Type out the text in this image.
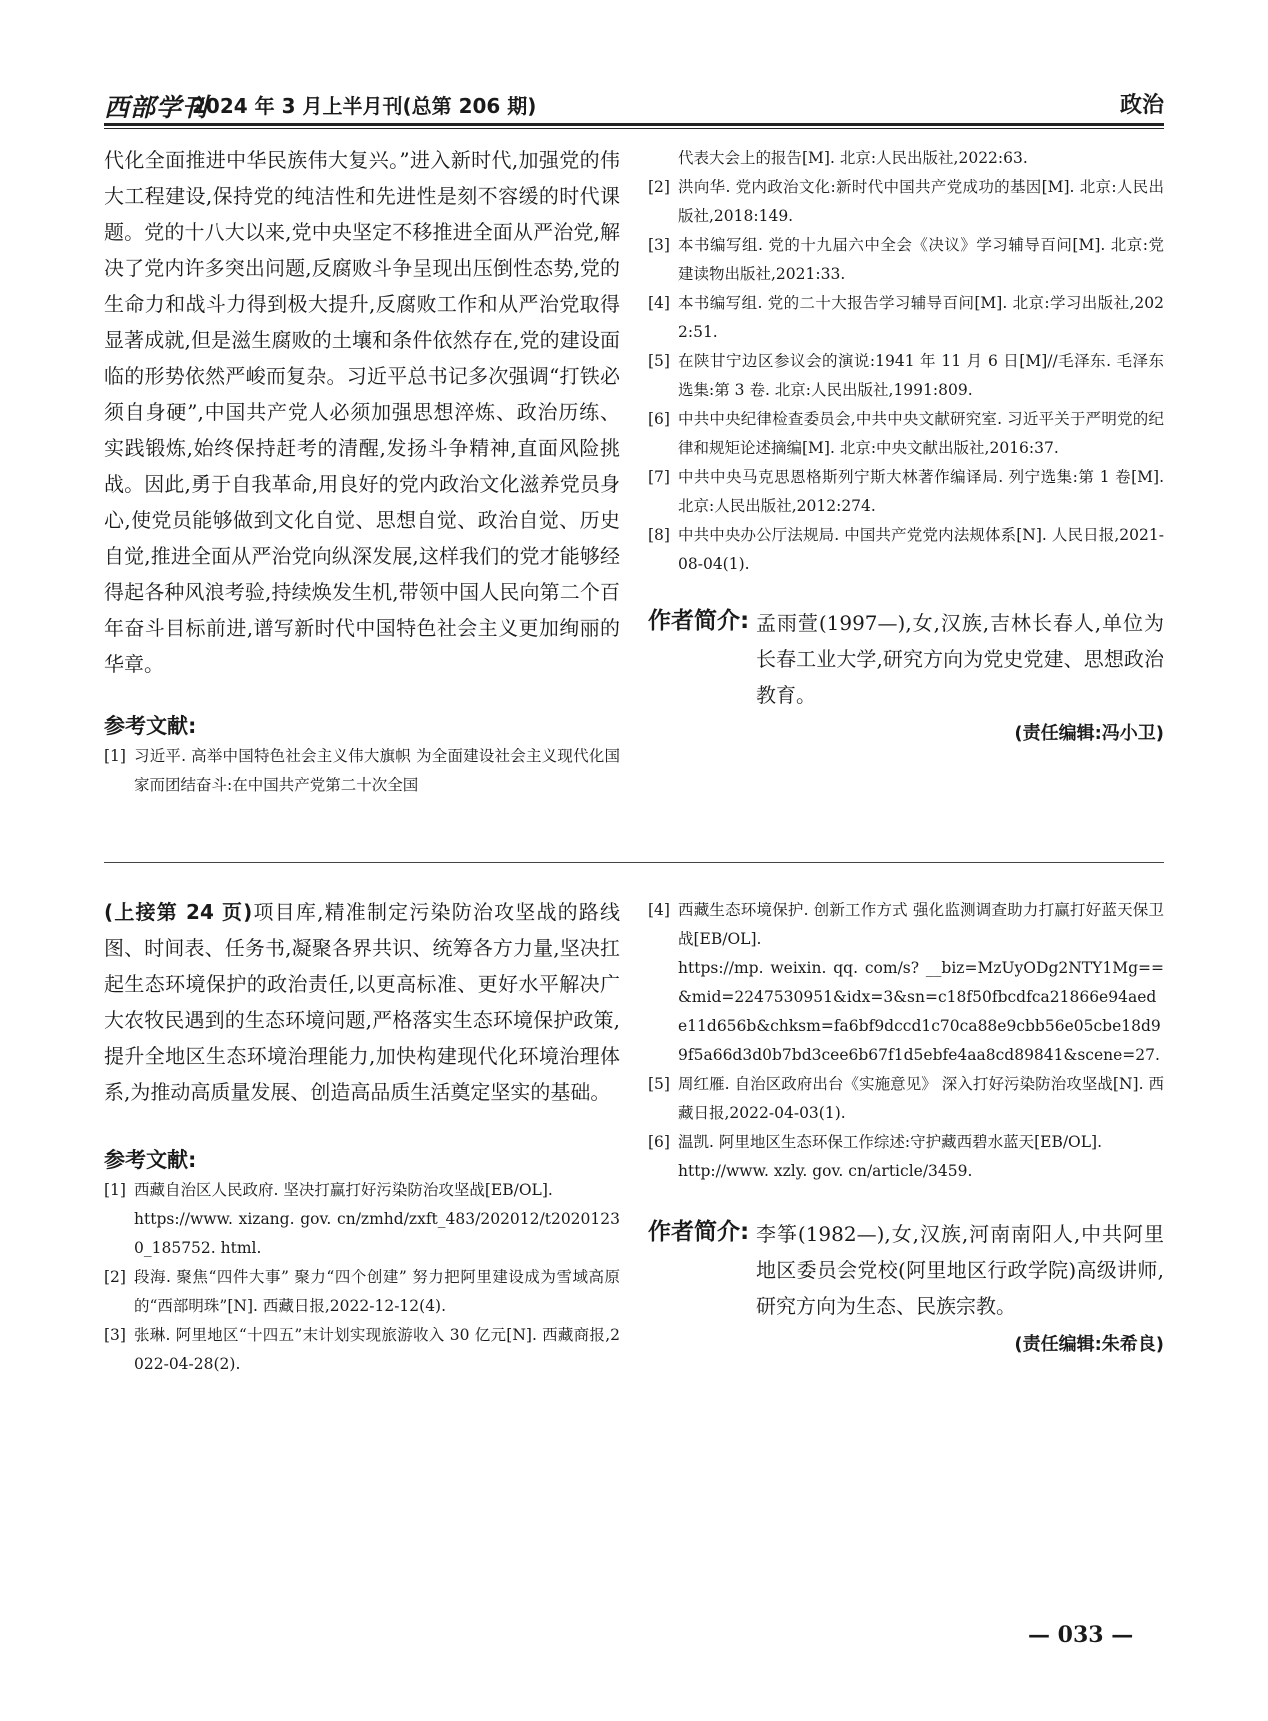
西部学刊
2024 年 3 月上半月刊(总第 206 期)	政治

代化全面推进中华民族伟大复兴。”进入新时代,加强党的伟大工程建设,保持党的纯洁性和先进性是刻不容缓的时代课题。党的十八大以来,党中央坚定不移推进全面从严治党,解决了党内许多突出问题,反腐败斗争呈现出压倒性态势,党的生命力和战斗力得到极大提升,反腐败工作和从严治党取得显著成就,但是滋生腐败的土壤和条件依然存在,党的建设面临的形势依然严峻而复杂。习近平总书记多次强调“打铁必须自身硬”,中国共产党人必须加强思想淬炼、政治历练、实践锻炼,始终保持赶考的清醒,发扬斗争精神,直面风险挑战。因此,勇于自我革命,用良好的党内政治文化滋养党员身心,使党员能够做到文化自觉、思想自觉、政治自觉、历史自觉,推进全面从严治党向纵深发展,这样我们的党才能够经得起各种风浪考验,持续焕发生机,带领中国人民向第二个百年奋斗目标前进,谱写新时代中国特色社会主义更加绚丽的华章。

参考文献:
[1] 习近平. 高举中国特色社会主义伟大旗帜 为全面建设社会主义现代化国家而团结奋斗:在中国共产党第二十次全国
代表大会上的报告[M]. 北京:人民出版社,2022:63.
[2] 洪向华. 党内政治文化:新时代中国共产党成功的基因[M]. 北京:人民出版社,2018:149.
[3] 本书编写组. 党的十九届六中全会《决议》学习辅导百问[M]. 北京:党建读物出版社,2021:33.
[4] 本书编写组. 党的二十大报告学习辅导百问[M]. 北京:学习出版社,2022:51.
[5] 在陕甘宁边区参议会的演说:1941 年 11 月 6 日[M]//毛泽东. 毛泽东选集:第 3 卷. 北京:人民出版社,1991:809.
[6] 中共中央纪律检查委员会,中共中央文献研究室. 习近平关于严明党的纪律和规矩论述摘编[M]. 北京:中央文献出版社,2016:37.
[7] 中共中央马克思恩格斯列宁斯大林著作编译局. 列宁选集:第 1 卷[M]. 北京:人民出版社,2012:274.
[8] 中共中央办公厅法规局. 中国共产党党内法规体系[N]. 人民日报,2021-08-04(1).
作者简介: 孟雨萱(1997—),女,汉族,吉林长春人,单位为长春工业大学,研究方向为党史党建、思想政治教育。
(责任编辑:冯小卫)

(上接第 24 页)项目库,精准制定污染防治攻坚战的路线图、时间表、任务书,凝聚各界共识、统筹各方力量,坚决扛起生态环境保护的政治责任,以更高标准、更好水平解决广大农牧民遇到的生态环境问题,严格落实生态环境保护政策,提升全地区生态环境治理能力,加快构建现代化环境治理体系,为推动高质量发展、创造高品质生活奠定坚实的基础。

参考文献:
[1] 西藏自治区人民政府. 坚决打赢打好污染防治攻坚战[EB/OL].
https://www. xizang. gov. cn/zmhd/zxft_483/202012/t20201230_185752. html.
[2] 段海. 聚焦“四件大事” 聚力“四个创建” 努力把阿里建设成为雪域高原的“西部明珠”[N]. 西藏日报,2022-12-12(4).
[3] 张琳. 阿里地区“十四五”末计划实现旅游收入 30 亿元[N]. 西藏商报,2022-04-28(2).
[4] 西藏生态环境保护. 创新工作方式 强化监测调查助力打赢打好蓝天保卫战[EB/OL].
https://mp. weixin. qq. com/s? __biz=MzUyODg2NTY1Mg==&mid=2247530951&idx=3&sn=c18f50fbcdfca21866e94aede11d656b&chksm=fa6bf9dccd1c70ca88e9cbb56e05cbe18d99f5a66d3d0b7bd3cee6b67f1d5ebfe4aa8cd89841&scene=27.
[5] 周红雁. 自治区政府出台《实施意见》 深入打好污染防治攻坚战[N]. 西藏日报,2022-04-03(1).
[6] 温凯. 阿里地区生态环保工作综述:守护藏西碧水蓝天[EB/OL].
http://www. xzly. gov. cn/article/3459.
作者简介: 李筝(1982—),女,汉族,河南南阳人,中共阿里地区委员会党校(阿里地区行政学院)高级讲师,研究方向为生态、民族宗教。
(责任编辑:朱希良)
— 033 —
